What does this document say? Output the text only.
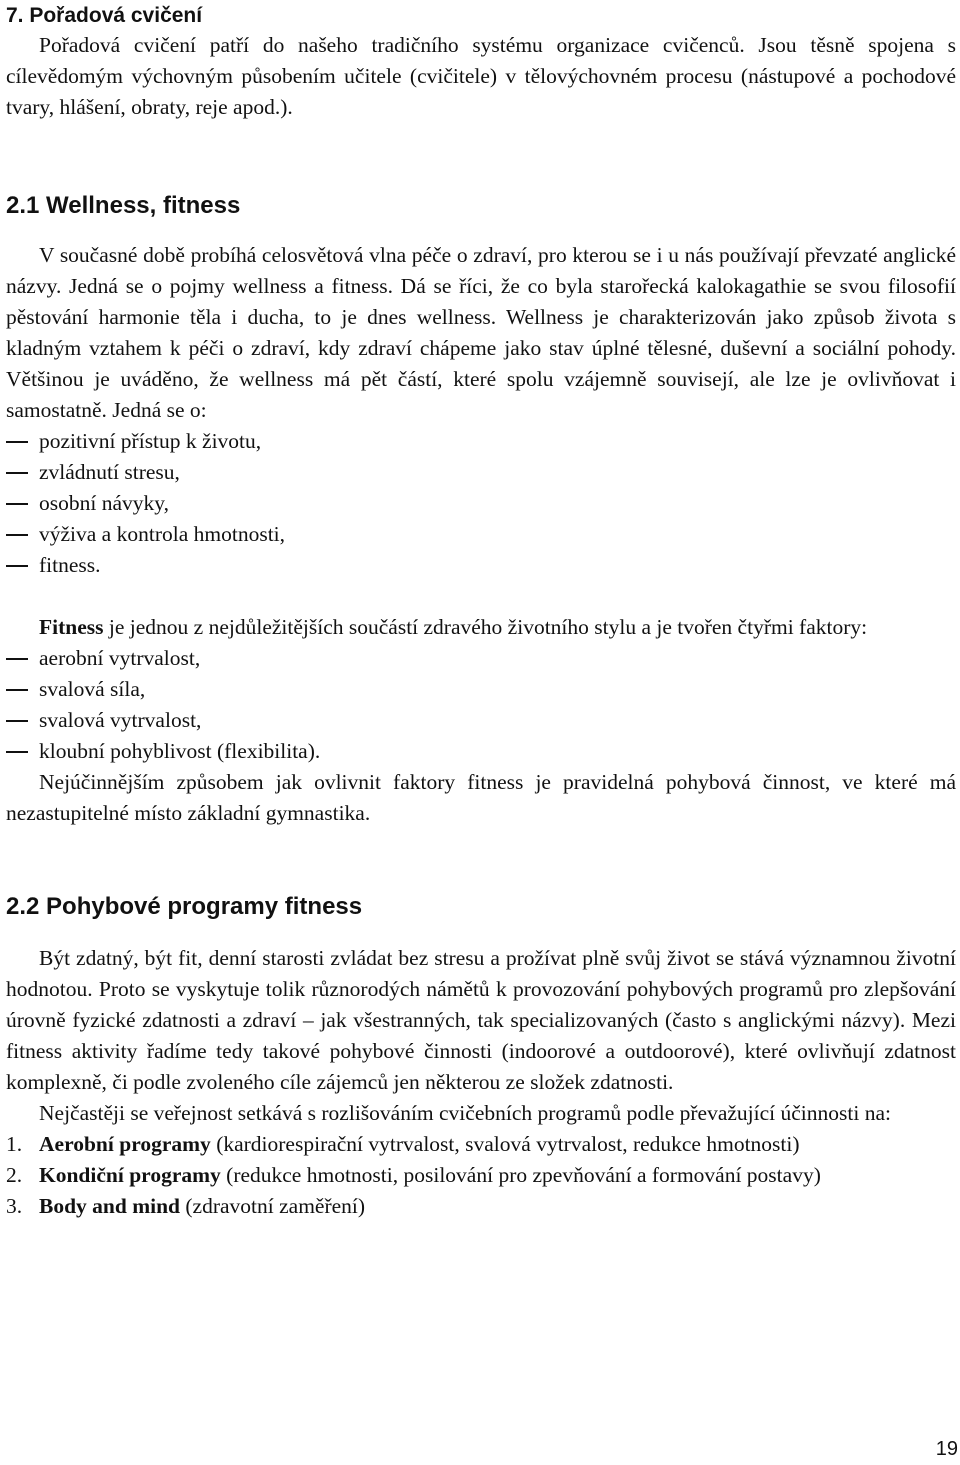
7. Pořadová cvičení

Pořadová cvičení patří do našeho tradičního systému organizace cvičenců. Jsou těsně spojena s cílevědomým výchovným působením učitele (cvičitele) v tělovýchovném procesu (nástupové a pochodové tvary, hlášení, obraty, reje apod.).

2.1 Wellness, fitness

V současné době probíhá celosvětová vlna péče o zdraví, pro kterou se i u nás používají převzaté anglické názvy. Jedná se o pojmy wellness a fitness. Dá se říci, že co byla starořecká kalokagathie se svou filosofií pěstování harmonie těla i ducha, to je dnes wellness. Wellness je charakterizován jako způsob života s kladným vztahem k péči o zdraví, kdy zdraví chápeme jako stav úplné tělesné, duševní a sociální pohody. Většinou je uváděno, že wellness má pět částí, které spolu vzájemně souvisejí, ale lze je ovlivňovat i samostatně. Jedná se o:

pozitivní přístup k životu,
zvládnutí stresu,
osobní návyky,
výživa a kontrola hmotnosti,
fitness.

Fitness je jednou z nejdůležitějších součástí zdravého životního stylu a je tvořen čtyřmi faktory:

aerobní vytrvalost,
svalová síla,
svalová vytrvalost,
kloubní pohyblivost (flexibilita).

Nejúčinnějším způsobem jak ovlivnit faktory fitness je pravidelná pohybová činnost, ve které má nezastupitelné místo základní gymnastika.

2.2 Pohybové programy fitness

Být zdatný, být fit, denní starosti zvládat bez stresu a prožívat plně svůj život se stává významnou životní hodnotou. Proto se vyskytuje tolik různorodých námětů k provozování pohybových programů pro zlepšování úrovně fyzické zdatnosti a zdraví – jak všestranných, tak specializovaných (často s anglickými názvy). Mezi fitness aktivity řadíme tedy takové pohybové činnosti (indoorové a outdoorové), které ovlivňují zdatnost komplexně, či podle zvoleného cíle zájemců jen některou ze složek zdatnosti.

Nejčastěji se veřejnost setkává s rozlišováním cvičebních programů podle převažující účinnosti na:

1. Aerobní programy (kardiorespirační vytrvalost, svalová vytrvalost, redukce hmotnosti)
2. Kondiční programy (redukce hmotnosti, posilování pro zpevňování a formování postavy)
3. Body and mind (zdravotní zaměření)
19
